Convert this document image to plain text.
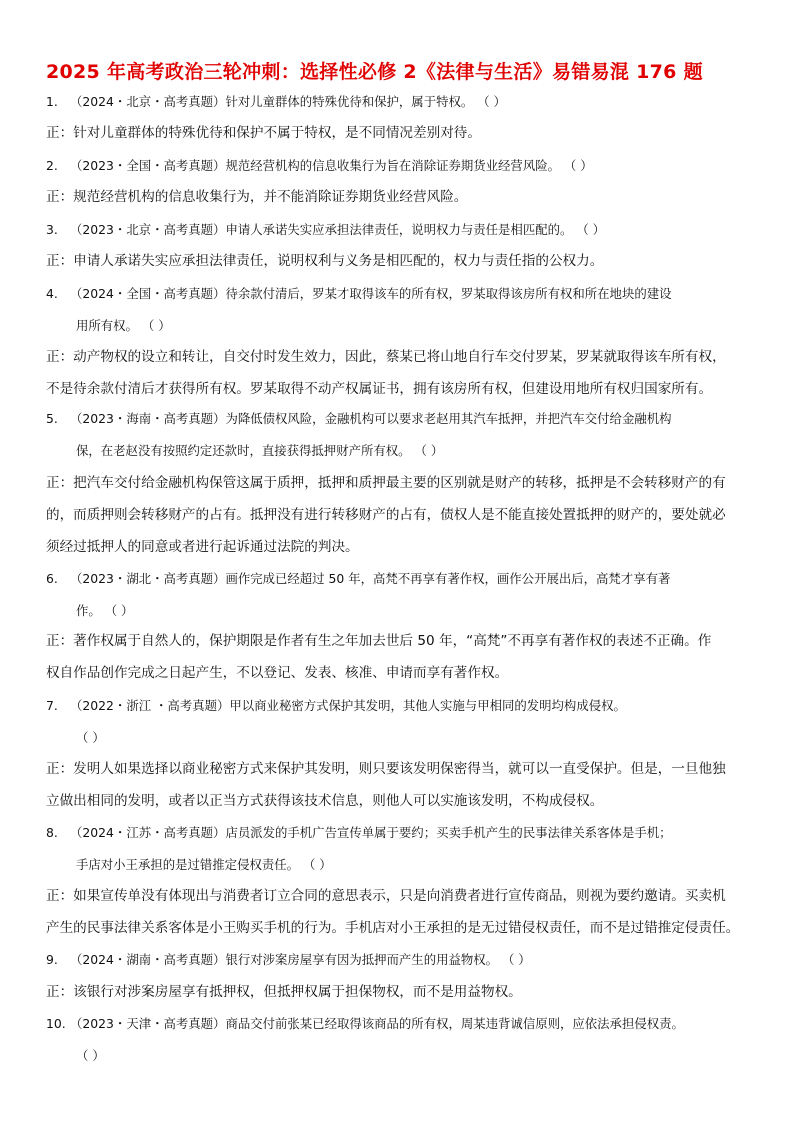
2025 年高考政治三轮冲刺：选择性必修 2《法律与生活》易错易混 176 题
1. （2024・北京・高考真题）针对儿童群体的特殊优待和保护，属于特权。 （ ）
正：针对儿童群体的特殊优待和保护不属于特权，是不同情况差别对待。
2. （2023・全国・高考真题）规范经营机构的信息收集行为旨在消除证券期货业经营风险。 （ ）
正：规范经营机构的信息收集行为，并不能消除证券期货业经营风险。
3. （2023・北京・高考真题）申请人承诺失实应承担法律责任，说明权力与责任是相匹配的。 （ ）
正：申请人承诺失实应承担法律责任，说明权利与义务是相匹配的，权力与责任指的公权力。
4. （2024・全国・高考真题）待余款付清后，罗某才取得该车的所有权，罗某取得该房所有权和所在地块的建设
用所有权。 （ ）
正：动产物权的设立和转让，自交付时发生效力，因此，蔡某已将山地自行车交付罗某，罗某就取得该车所有权，
不是待余款付清后才获得所有权。罗某取得不动产权属证书，拥有该房所有权，但建设用地所有权归国家所有。
5. （2023・海南・高考真题）为降低债权风险，金融机构可以要求老赵用其汽车抵押，并把汽车交付给金融机构
保，在老赵没有按照约定还款时，直接获得抵押财产所有权。 （ ）
正：把汽车交付给金融机构保管这属于质押，抵押和质押最主要的区别就是财产的转移，抵押是不会转移财产的有
的，而质押则会转移财产的占有。抵押没有进行转移财产的占有，债权人是不能直接处置抵押的财产的，要处就必
须经过抵押人的同意或者进行起诉通过法院的判决。
6. （2023・湖北・高考真题）画作完成已经超过 50 年，高梵不再享有著作权，画作公开展出后，高梵才享有著
作。 （ ）
正：著作权属于自然人的，保护期限是作者有生之年加去世后 50 年，“高梵”不再享有著作权的表述不正确。作
权自作品创作完成之日起产生，不以登记、发表、核准、申请而享有著作权。
7. （2022・浙江 ・高考真题）甲以商业秘密方式保护其发明，其他人实施与甲相同的发明均构成侵权。
（ ）
正：发明人如果选择以商业秘密方式来保护其发明，则只要该发明保密得当，就可以一直受保护。但是，一旦他独
立做出相同的发明，或者以正当方式获得该技术信息，则他人可以实施该发明，不构成侵权。
8. （2024・江苏・高考真题）店员派发的手机广告宣传单属于要约；买卖手机产生的民事法律关系客体是手机；
手店对小王承担的是过错推定侵权责任。 （ ）
正：如果宣传单没有体现出与消费者订立合同的意思表示，只是向消费者进行宣传商品，则视为要约邀请。买卖机
产生的民事法律关系客体是小王购买手机的行为。手机店对小王承担的是无过错侵权责任，而不是过错推定侵责任。
9. （2024・湖南・高考真题）银行对涉案房屋享有因为抵押而产生的用益物权。 （ ）
正：该银行对涉案房屋享有抵押权，但抵押权属于担保物权，而不是用益物权。
10. （2023・天津・高考真题）商品交付前张某已经取得该商品的所有权，周某违背诚信原则，应依法承担侵权责。
（ ）
